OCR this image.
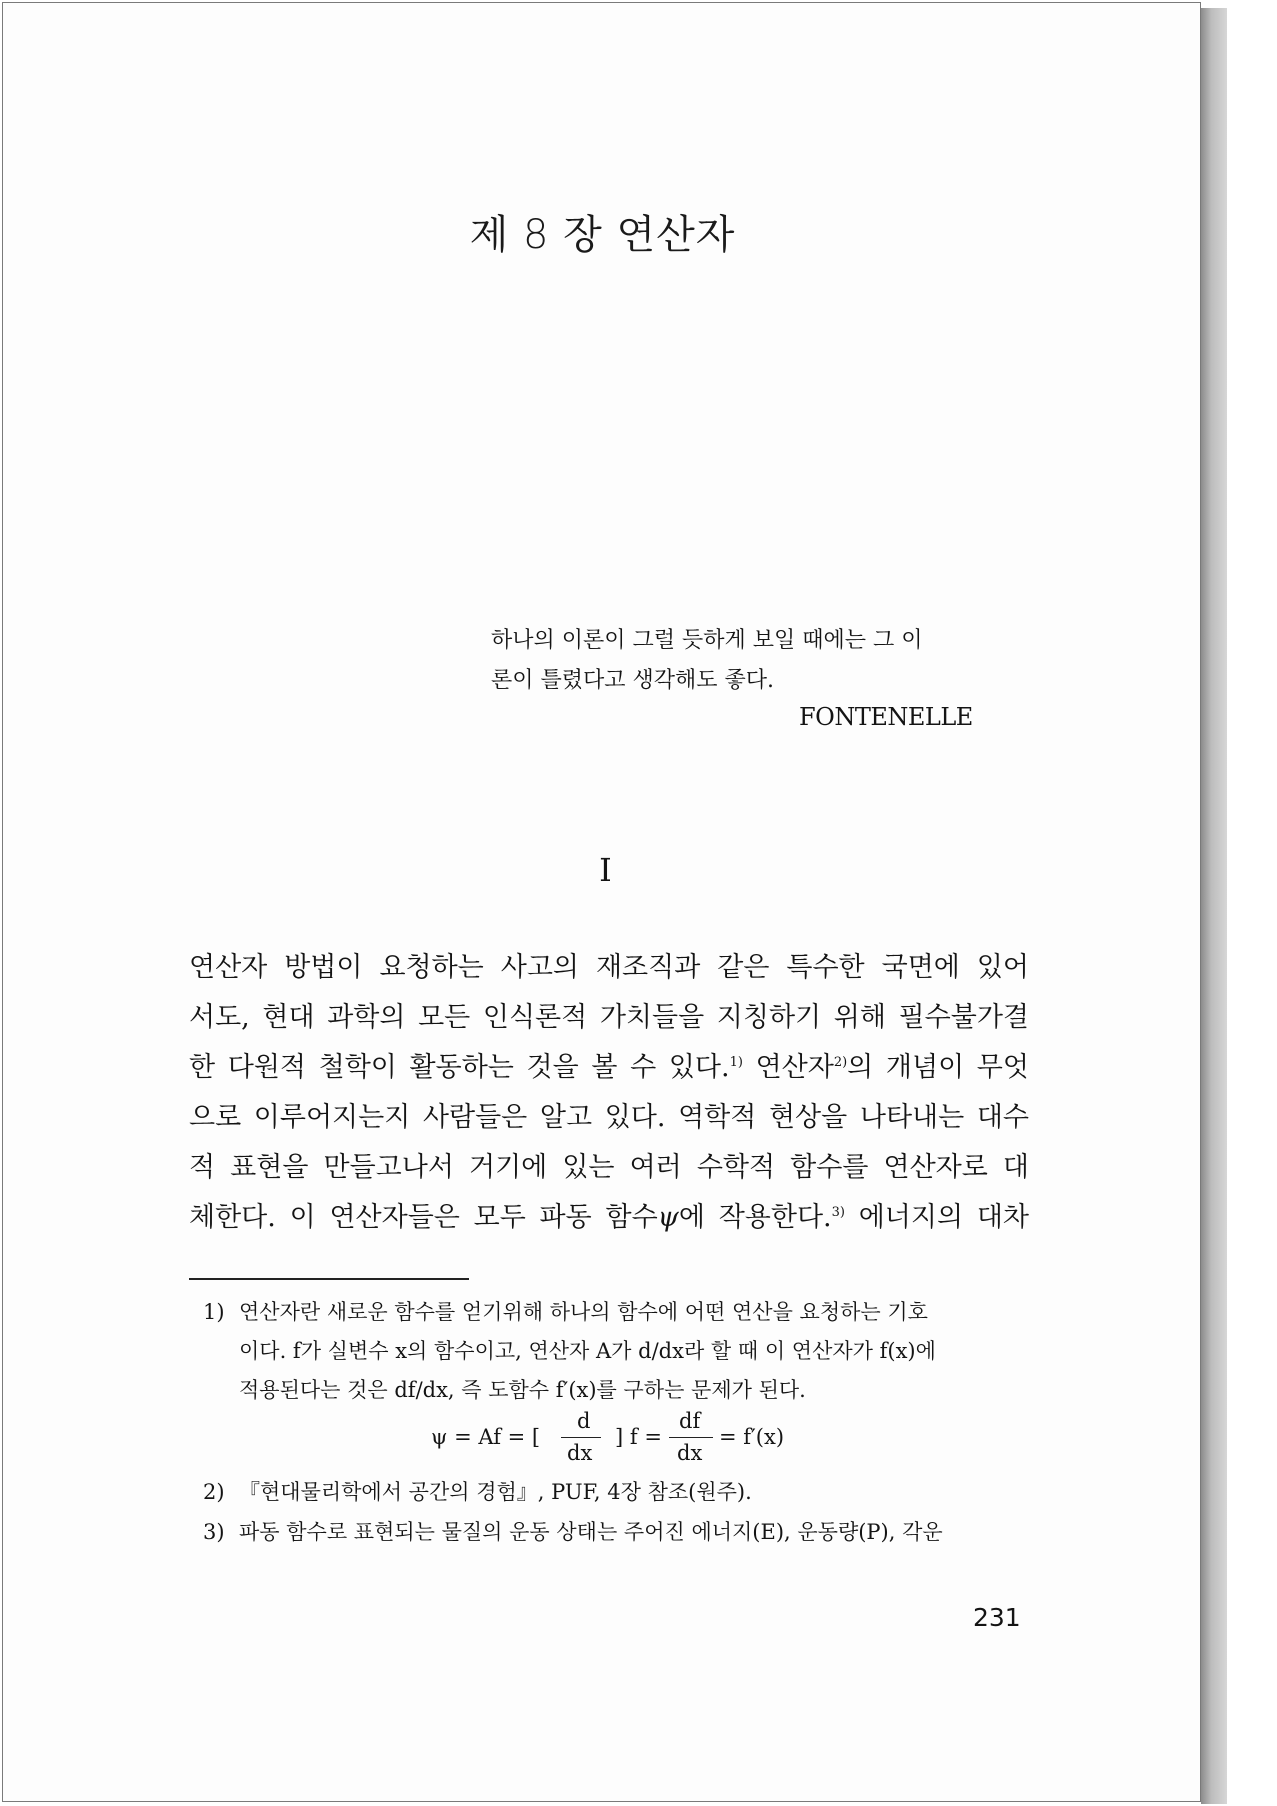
제 8 장 연산자

하나의 이론이 그럴 듯하게 보일 때에는 그 이

론이 틀렸다고 생각해도 좋다.

FONTENELLE
I
연산자 방법이 요청하는 사고의 재조직과 같은 특수한 국면에 있어
서도, 현대 과학의 모든 인식론적 가치들을 지칭하기 위해 필수불가결
한 다원적 철학이 활동하는 것을 볼 수 있다.$^{1)}$ 연산자$^{2)}$의 개념이 무엇
으로 이루어지는지 사람들은 알고 있다. 역학적 현상을 나타내는 대수
적 표현을 만들고나서 거기에 있는 여러 수학적 함수를 연산자로 대
체한다. 이 연산자들은 모두 파동 함수ψ에 작용한다.$^{3)}$ 에너지의 대차
1) 연산자란 새로운 함수를 얻기위해 하나의 함수에 어떤 연산을 요청하는 기호
이다. f가 실변수 x의 함수이고, 연산자 A가 d/dx라 할 때 이 연산자가 f(x)에
적용된다는 것은 df/dx, 즉 도함수 f′(x)를 구하는 문제가 된다.
ψ = Af = [
d
dx
] f =
df
dx
= f′(x)
2) 『현대물리학에서 공간의 경험』, PUF, 4장 참조(원주).
3) 파동 함수로 표현되는 물질의 운동 상태는 주어진 에너지(E), 운동량(P), 각운
231
